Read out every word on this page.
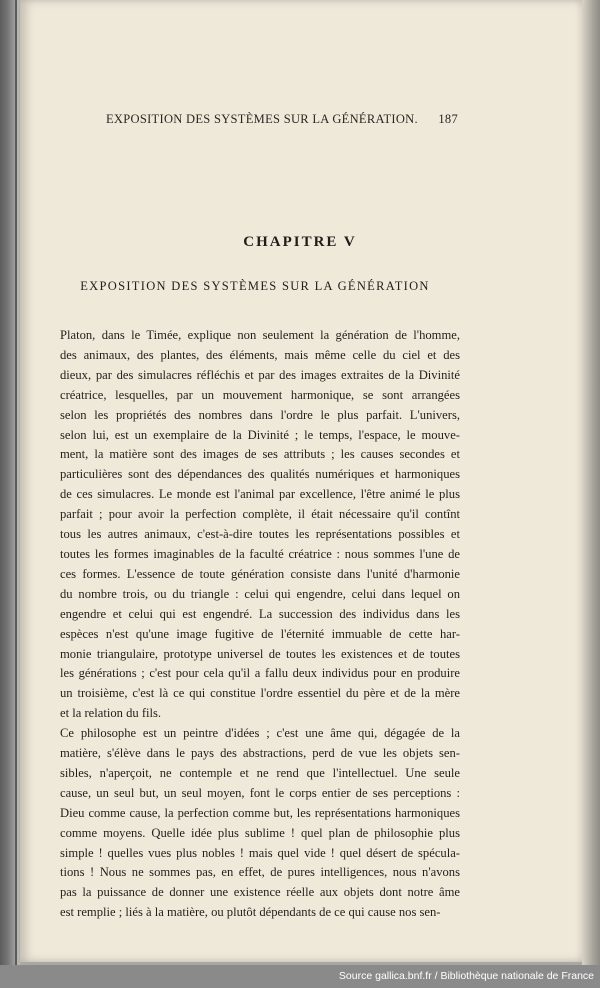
EXPOSITION DES SYSTÈMES SUR LA GÉNÉRATION. 187
CHAPITRE V
EXPOSITION DES SYSTÈMES SUR LA GÉNÉRATION

Platon, dans le Timée, explique non seulement la génération de l'homme,
des animaux, des plantes, des éléments, mais même celle du ciel et des
dieux, par des simulacres réfléchis et par des images extraites de la Divinité
créatrice, lesquelles, par un mouvement harmonique, se sont arrangées
selon les propriétés des nombres dans l'ordre le plus parfait. L'univers,
selon lui, est un exemplaire de la Divinité ; le temps, l'espace, le mouve-
ment, la matière sont des images de ses attributs ; les causes secondes et
particulières sont des dépendances des qualités numériques et harmoniques
de ces simulacres. Le monde est l'animal par excellence, l'être animé le plus
parfait ; pour avoir la perfection complète, il était nécessaire qu'il contînt
tous les autres animaux, c'est-à-dire toutes les représentations possibles et
toutes les formes imaginables de la faculté créatrice : nous sommes l'une de
ces formes. L'essence de toute génération consiste dans l'unité d'harmonie
du nombre trois, ou du triangle : celui qui engendre, celui dans lequel on
engendre et celui qui est engendré. La succession des individus dans les
espèces n'est qu'une image fugitive de l'éternité immuable de cette har-
monie triangulaire, prototype universel de toutes les existences et de toutes
les générations ; c'est pour cela qu'il a fallu deux individus pour en produire
un troisième, c'est là ce qui constitue l'ordre essentiel du père et de la mère
et la relation du fils.

Ce philosophe est un peintre d'idées ; c'est une âme qui, dégagée de la
matière, s'élève dans le pays des abstractions, perd de vue les objets sen-
sibles, n'aperçoit, ne contemple et ne rend que l'intellectuel. Une seule
cause, un seul but, un seul moyen, font le corps entier de ses perceptions :
Dieu comme cause, la perfection comme but, les représentations harmoniques
comme moyens. Quelle idée plus sublime ! quel plan de philosophie plus
simple ! quelles vues plus nobles ! mais quel vide ! quel désert de spécula-
tions ! Nous ne sommes pas, en effet, de pures intelligences, nous n'avons
pas la puissance de donner une existence réelle aux objets dont notre âme
est remplie ; liés à la matière, ou plutôt dépendants de ce qui cause nos sen-

Source gallica.bnf.fr / Bibliothèque nationale de France
